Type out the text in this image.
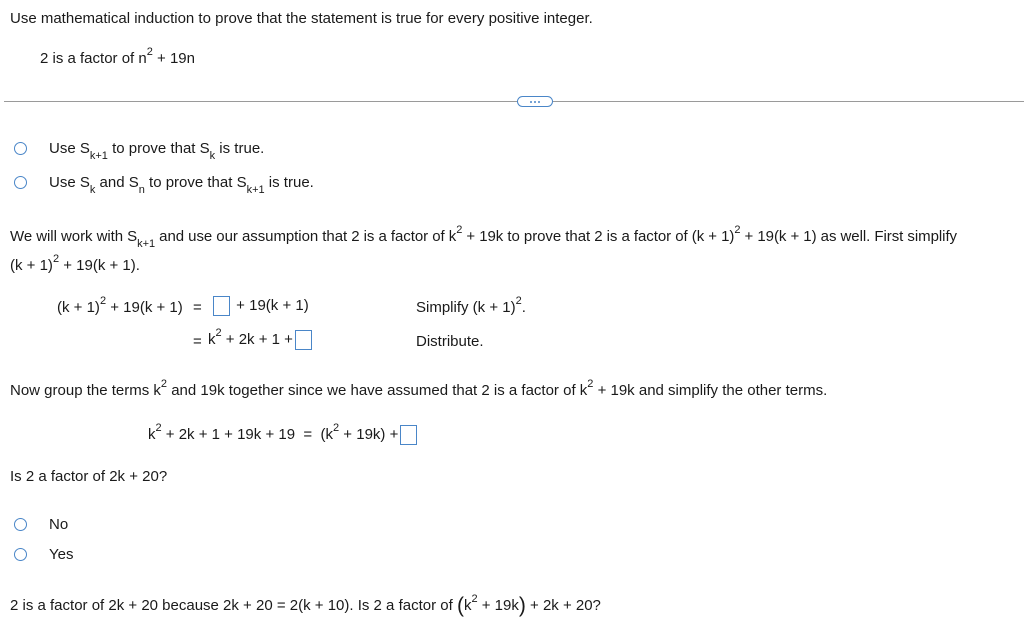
Use mathematical induction to prove that the statement is true for every positive integer.
2 is a factor of $n^2 + 19n$
Use $S_{k+1}$ to prove that $S_k$ is true.
Use $S_k$ and $S_n$ to prove that $S_{k+1}$ is true.
We will work with $S_{k+1}$ and use our assumption that 2 is a factor of $k^2 + 19k$ to prove that 2 is a factor of $(k + 1)^2 + 19(k + 1)$ as well. First simplify
$(k + 1)^2 + 19(k + 1)$.
$(k + 1)^2 + 19(k + 1)$ =	+ 19(k + 1)	Simplify $(k + 1)^2$.
= $k^2 + 2k + 1$ +	Distribute.
Now group the terms $k^2$ and 19k together since we have assumed that 2 is a factor of $k^2 + 19k$ and simplify the other terms.
$k^2 + 2k + 1 + 19k + 19 = (k^2 + 19k)$ +
Is 2 a factor of 2k + 20?
No
Yes
2 is a factor of 2k + 20 because 2k + 20 = 2(k + 10). Is 2 a factor of $(k^2 + 19k) + 2k + 20$?
